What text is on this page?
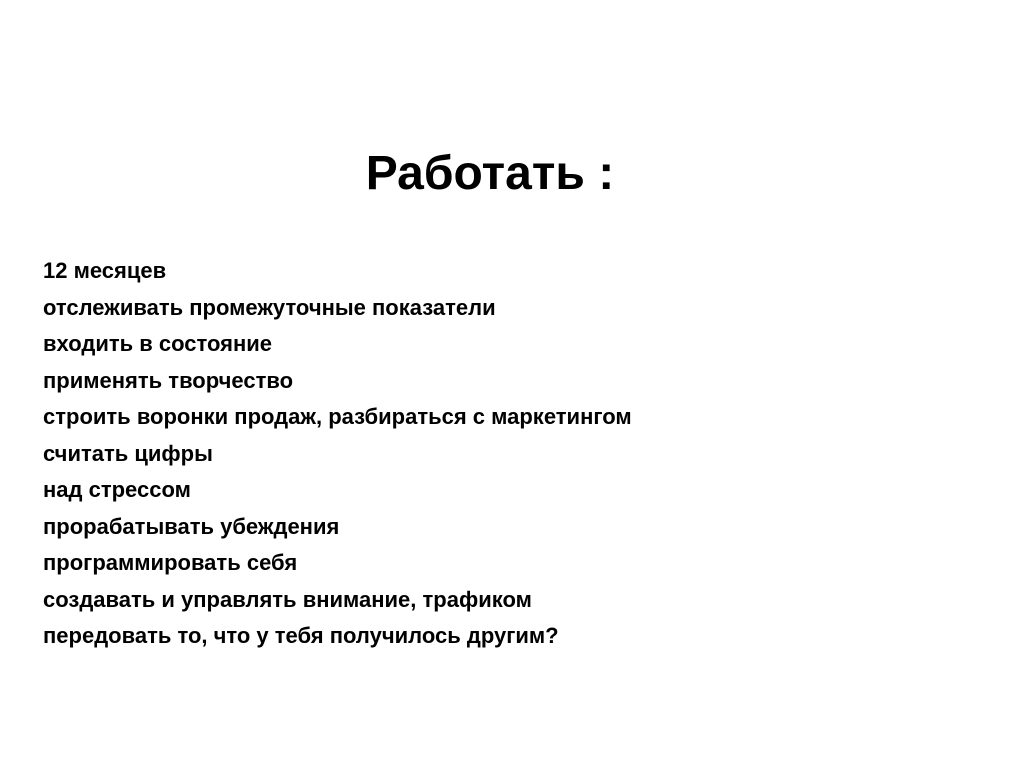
Работать :
12 месяцев
отслеживать промежуточные показатели
входить в состояние
применять творчество
строить воронки продаж, разбираться с маркетингом
считать цифры
над стрессом
прорабатывать убеждения
программировать себя
создавать и управлять внимание, трафиком
передовать то, что у тебя получилось другим?
